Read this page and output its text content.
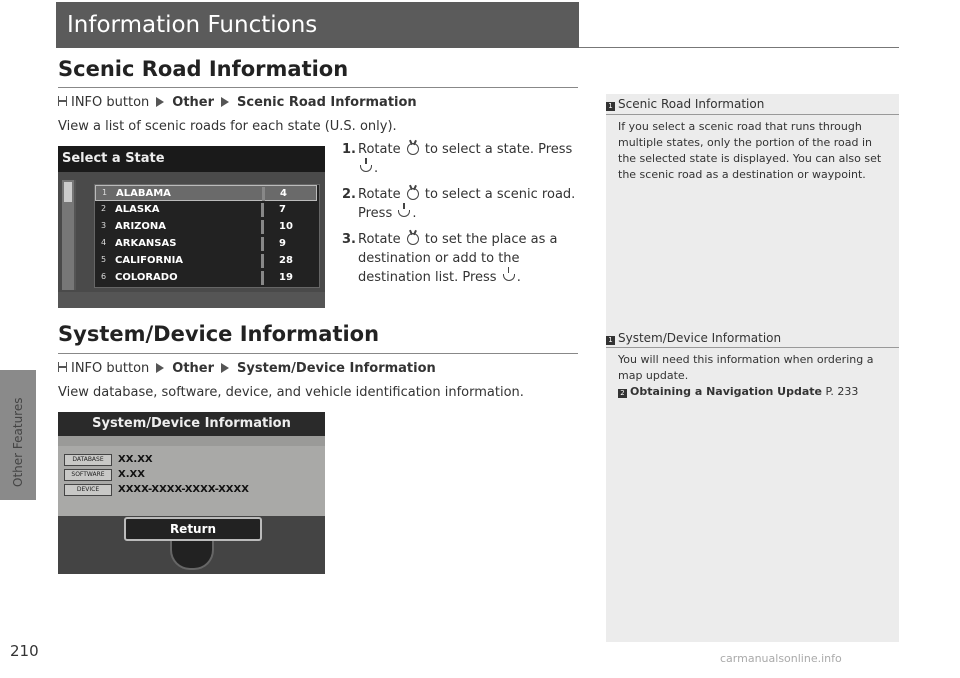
Other Features
210
Information Functions
Scenic Road Information
INFO button Other Scenic Road Information
View a list of scenic roads for each state (U.S. only).
1. Rotate to select a state. Press .
2. Rotate to select a scenic road. Press .
3. Rotate to set the place as a destination or add to the destination list. Press .
Select a State
1 ALABAMA	4
2 ALASKA	7
3 ARIZONA	10
4 ARKANSAS	9
5 CALIFORNIA	28
6 COLORADO	19
System/Device Information
INFO button Other System/Device Information
View database, software, device, and vehicle identification information.
System/Device Information
DATABASE XX.XX
SOFTWARE X.XX
DEVICE XXXX-XXXX-XXXX-XXXX
Return
1 Scenic Road Information
If you select a scenic road that runs through multiple states, only the portion of the road in the selected state is displayed. You can also set the scenic road as a destination or waypoint.
1 System/Device Information
You will need this information when ordering a map update.
2 Obtaining a Navigation Update P. 233
carmanualsonline.info
